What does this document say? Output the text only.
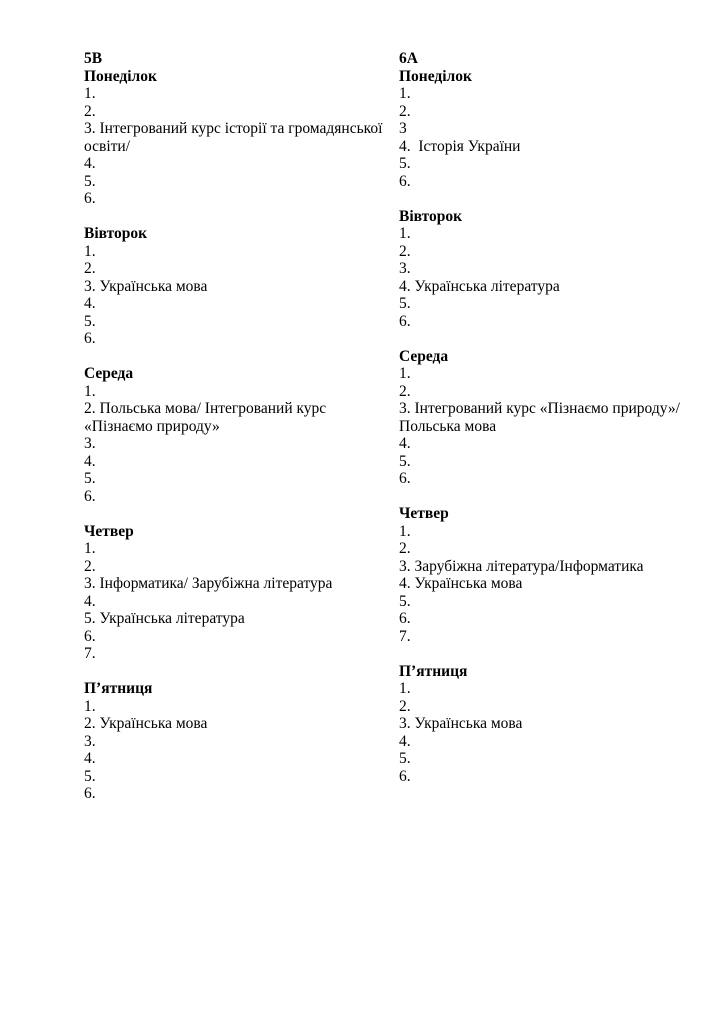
5В
Понеділок
1.
2.
3. Інтегрований курс історії та громадянської освіти/
4.
5.
6.
Вівторок
1.
2.
3. Українська мова
4.
5.
6.
Середа
1.
2. Польська мова/ Інтегрований курс «Пізнаємо природу»
3.
4.
5.
6.
Четвер
1.
2.
3. Інформатика/ Зарубіжна література
4.
5. Українська література
6.
7.
П’ятниця
1.
2. Українська мова
3.
4.
5.
6.
6А
Понеділок
1.
2.
3
4.  Історія України
5.
6.
Вівторок
1.
2.
3.
4. Українська література
5.
6.
Середа
1.
2.
3. Інтегрований курс «Пізнаємо природу»/ Польська мова
4.
5.
6.
Четвер
1.
2.
3. Зарубіжна література/Інформатика
4. Українська мова
5.
6.
7.
П’ятниця
1.
2.
3. Українська мова
4.
5.
6.
